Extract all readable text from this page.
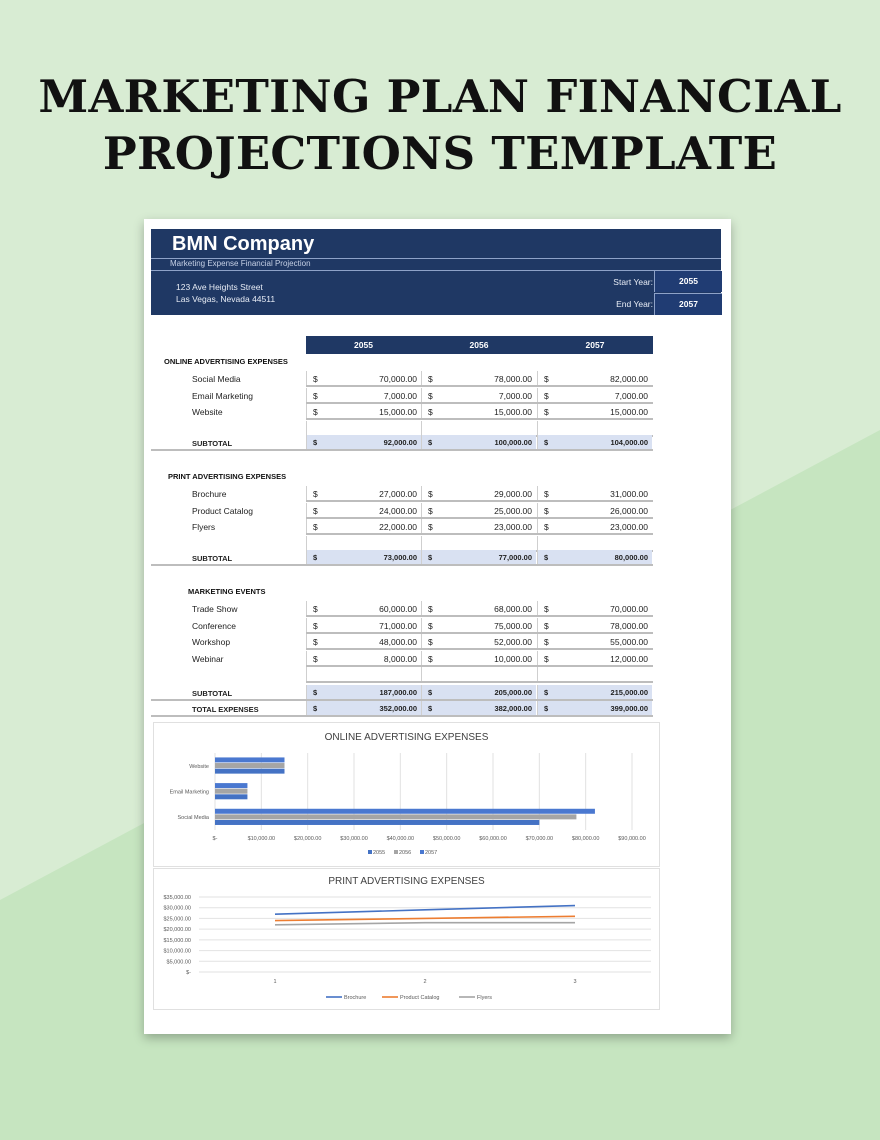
MARKETING PLAN FINANCIAL
PROJECTIONS TEMPLATE
BMN Company
Marketing Expense Financial Projection
123 Ave Heights Street
Las Vegas, Nevada 44511
Start Year:	2055
End Year:	2057
2055	2056	2057
ONLINE ADVERTISING EXPENSES
Social Media	$	70,000.00 $	78,000.00 $	82,000.00
Email Marketing	$	7,000.00 $	7,000.00 $	7,000.00
Website	$	15,000.00 $	15,000.00 $	15,000.00
SUBTOTAL	$	92,000.00 $	100,000.00 $	104,000.00
PRINT ADVERTISING EXPENSES
Brochure	$	27,000.00 $	29,000.00 $	31,000.00
Product Catalog	$	24,000.00 $	25,000.00 $	26,000.00
Flyers	$	22,000.00 $	23,000.00 $	23,000.00
SUBTOTAL	$	73,000.00 $	77,000.00 $	80,000.00
MARKETING EVENTS
Trade Show	$	60,000.00 $	68,000.00 $	70,000.00
Conference	$	71,000.00 $	75,000.00 $	78,000.00
Workshop	$	48,000.00 $	52,000.00 $	55,000.00
Webinar	$	8,000.00 $	10,000.00 $	12,000.00
SUBTOTAL	$	187,000.00 $	205,000.00 $	215,000.00
TOTAL EXPENSES	$	352,000.00 $	382,000.00 $	399,000.00
ONLINE ADVERTISING EXPENSES
$-	$10,000.00	$20,000.00	$30,000.00	$40,000.00	$50,000.00	$60,000.00	$70,000.00	$80,000.00	$90,000.00
Social Media
Email Marketing
Website
2055	2056	2057
PRINT ADVERTISING EXPENSES
$-
$5,000.00
$10,000.00
$15,000.00
$20,000.00
$25,000.00
$30,000.00
$35,000.00
1	2	3
Brochure	Product Catalog	Flyers
